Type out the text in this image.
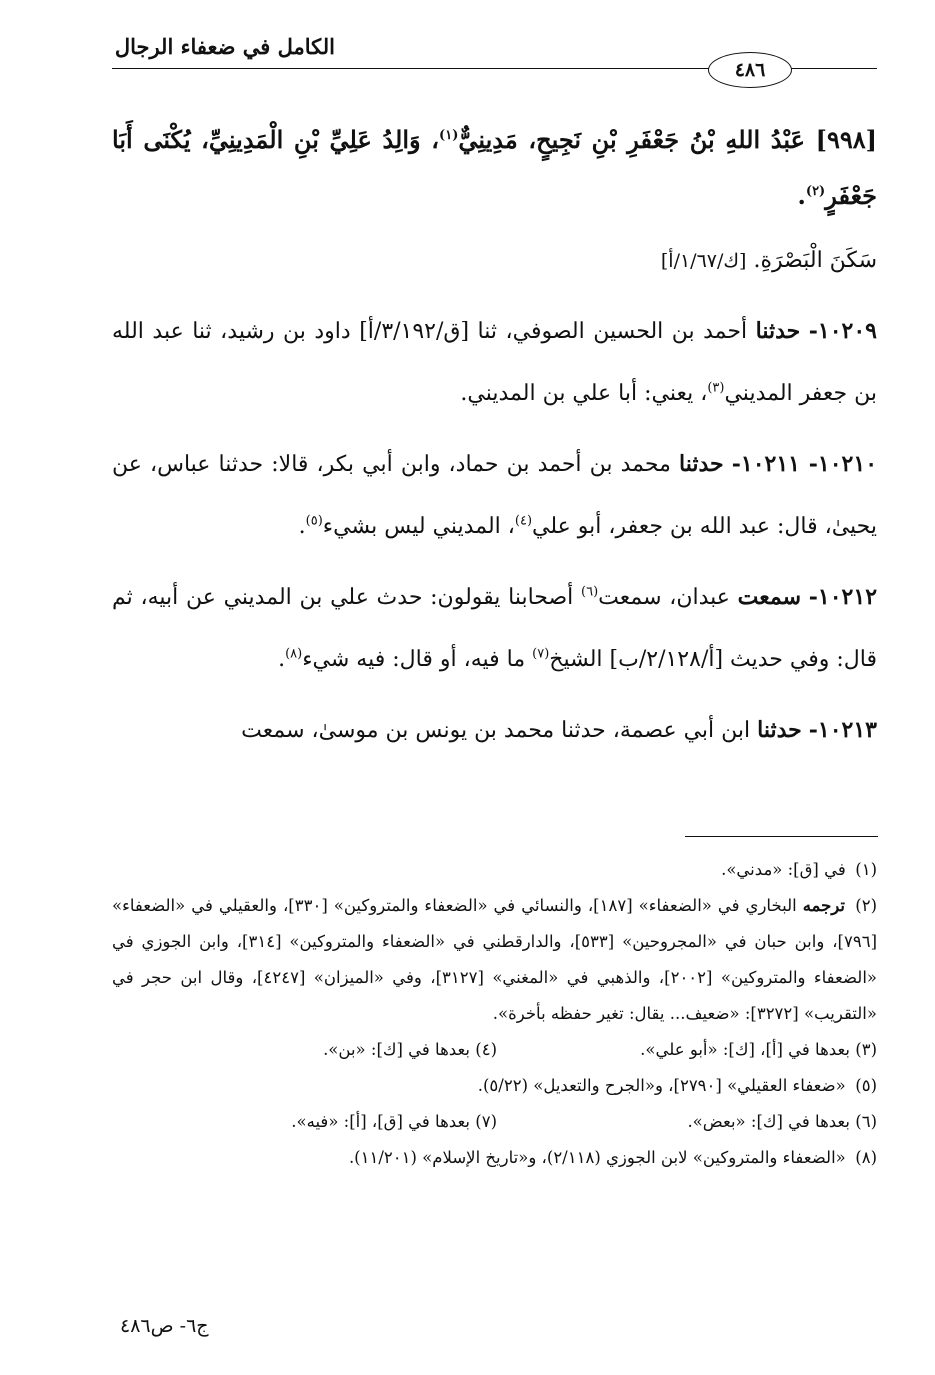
الكامل في ضعفاء الرجال
٤٨٦

[٩٩٨] عَبْدُ اللهِ بْنُ جَعْفَرِ بْنِ نَجِيحٍ، مَدِينِيٌّ$^{(١)}$، وَالِدُ عَلِيِّ بْنِ الْمَدِينِيِّ، يُكْنَى أَبَا جَعْفَرٍ$^{(٢)}$.

سَكَنَ الْبَصْرَةِ. [ك/١/٦٧/أ]

١٠٢٠٩- حدثنا أحمد بن الحسين الصوفي، ثنا [ق/٣/١٩٢/أ] داود بن رشيد، ثنا عبد الله بن جعفر المديني$^{(٣)}$، يعني: أبا علي بن المديني.

١٠٢١٠- ١٠٢١١- حدثنا محمد بن أحمد بن حماد، وابن أبي بكر، قالا: حدثنا عباس، عن يحيىٰ، قال: عبد الله بن جعفر، أبو علي$^{(٤)}$، المديني ليس بشيء$^{(٥)}$.

١٠٢١٢- سمعت عبدان، سمعت$^{(٦)}$ أصحابنا يقولون: حدث علي بن المديني عن أبيه، ثم قال: وفي حديث [أ/٢/١٢٨/ب] الشيخ$^{(٧)}$ ما فيه، أو قال: فيه شيء$^{(٨)}$.

١٠٢١٣- حدثنا ابن أبي عصمة، حدثنا محمد بن يونس بن موسىٰ، سمعت

(١) في [ق]: «مدني».

(٢) ترجمه البخاري في «الضعفاء» [١٨٧]، والنسائي في «الضعفاء والمتروكين» [٣٣٠]، والعقيلي في «الضعفاء» [٧٩٦]، وابن حبان في «المجروحين» [٥٣٣]، والدارقطني في «الضعفاء والمتروكين» [٣١٤]، وابن الجوزي في «الضعفاء والمتروكين» [٢٠٠٢]، والذهبي في «المغني» [٣١٢٧]، وفي «الميزان» [٤٢٤٧]، وقال ابن حجر في «التقريب» [٣٢٧٢]: «ضعيف... يقال: تغير حفظه بأخرة».

(٣) بعدها في [أ]، [ك]: «أبو علي».
(٤) بعدها في [ك]: «بن».

(٥) «ضعفاء العقيلي» [٢٧٩٠]، و«الجرح والتعديل» (٥/٢٢).

(٦) بعدها في [ك]: «بعض».
(٧) بعدها في [ق]، [أ]: «فيه».

(٨) «الضعفاء والمتروكين» لابن الجوزي (٢/١١٨)، و«تاريخ الإسلام» (١١/٢٠١).

ج٦- ص٤٨٦
